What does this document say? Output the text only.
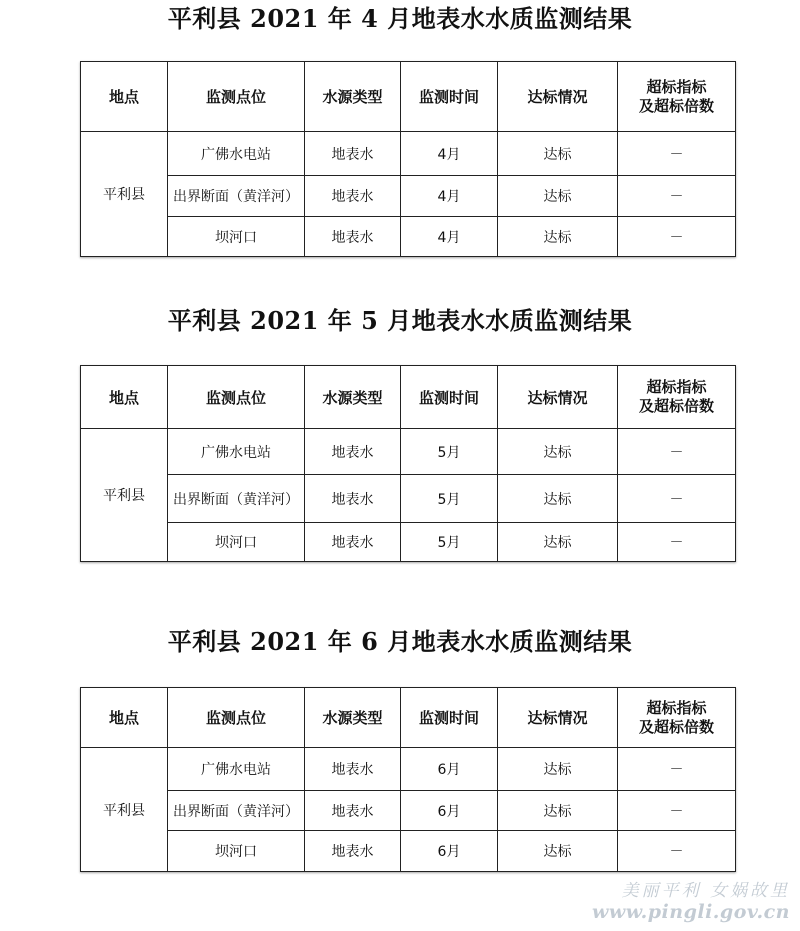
平利县 2021 年 4 月地表水水质监测结果
地点	监测点位	水源类型	监测时间	达标情况	超标指标
及超标倍数

平利县	广佛水电站	地表水	4月	达标	－
	出界断面（黄洋河）	地表水	4月	达标	－
	坝河口	地表水	4月	达标	－
平利县 2021 年 5 月地表水水质监测结果
地点	监测点位	水源类型	监测时间	达标情况	超标指标
及超标倍数

平利县	广佛水电站	地表水	5月	达标	－
	出界断面（黄洋河）	地表水	5月	达标	－
	坝河口	地表水	5月	达标	－
平利县 2021 年 6 月地表水水质监测结果
地点	监测点位	水源类型	监测时间	达标情况	超标指标
及超标倍数

平利县	广佛水电站	地表水	6月	达标	－
	出界断面（黄洋河）	地表水	6月	达标	－
	坝河口	地表水	6月	达标	－
美丽平利 女娲故里
www.pingli.gov.cn
